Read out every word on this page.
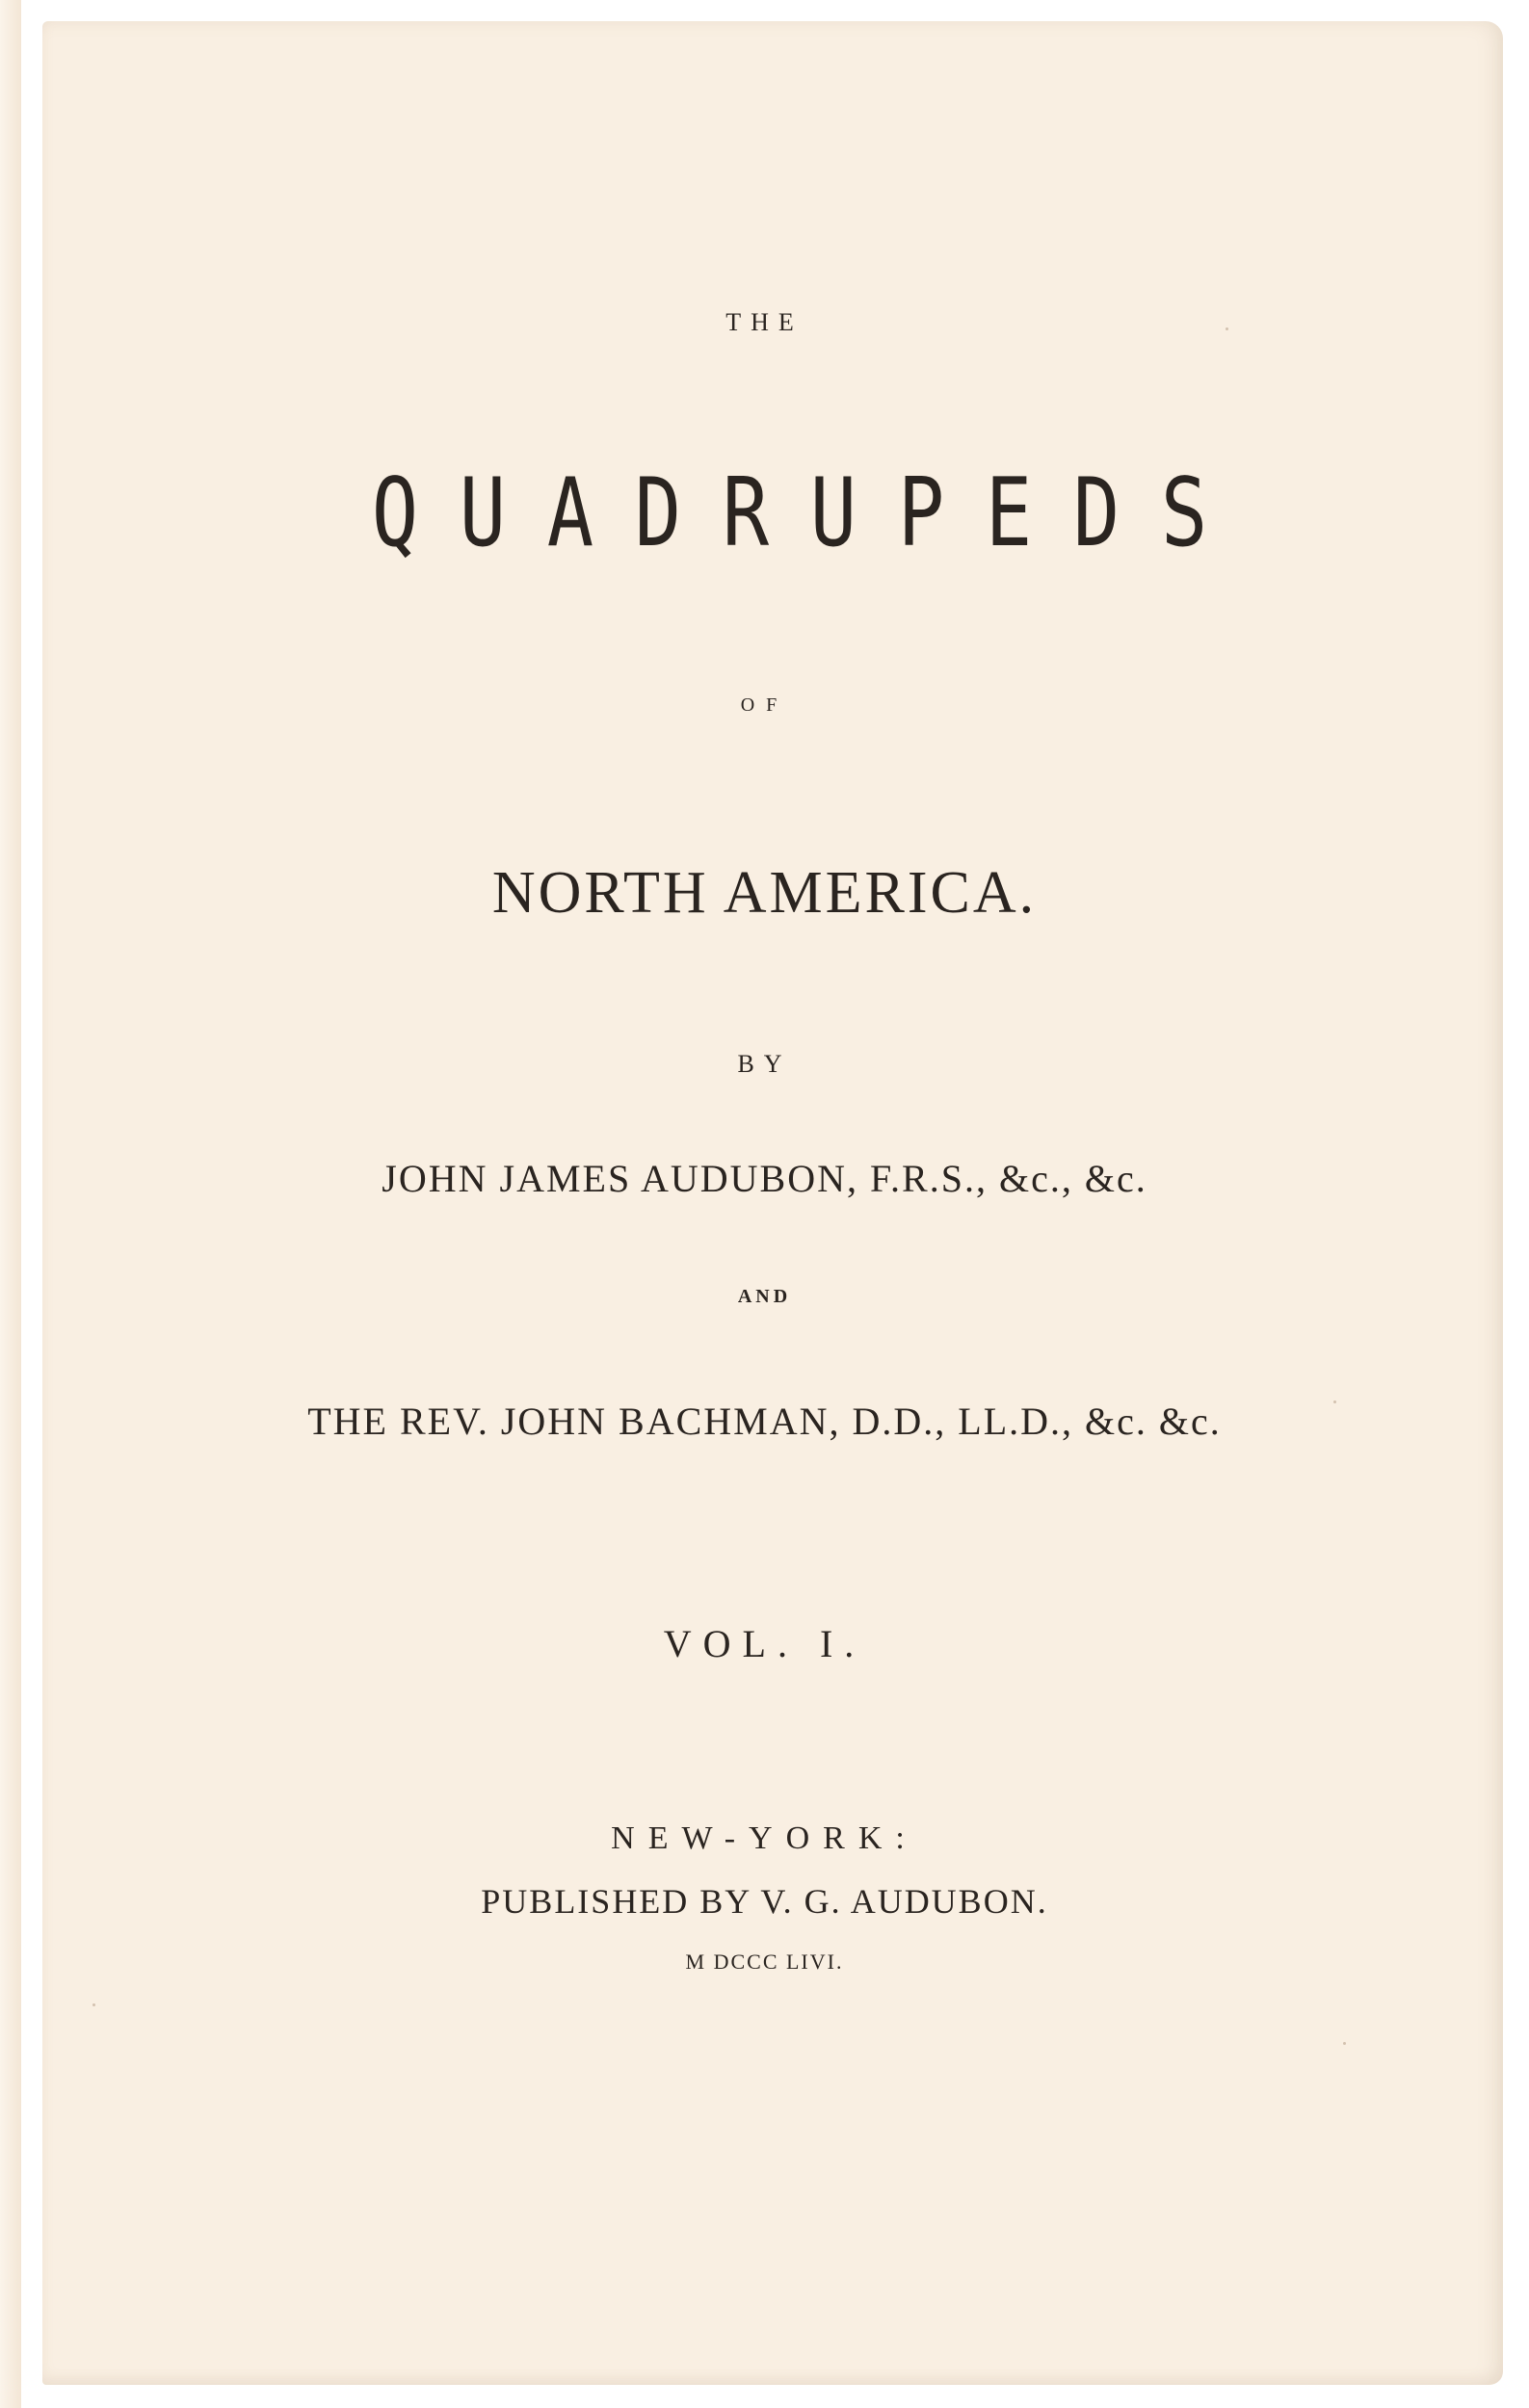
THE
QUADRUPEDS
OF
NORTH AMERICA.
BY
JOHN JAMES AUDUBON, F.R.S., &c., &c.
AND
THE REV. JOHN BACHMAN, D.D., LL.D., &c. &c.
VOL. I.
NEW-YORK:
PUBLISHED BY V. G. AUDUBON.
M DCCC LIVI.
